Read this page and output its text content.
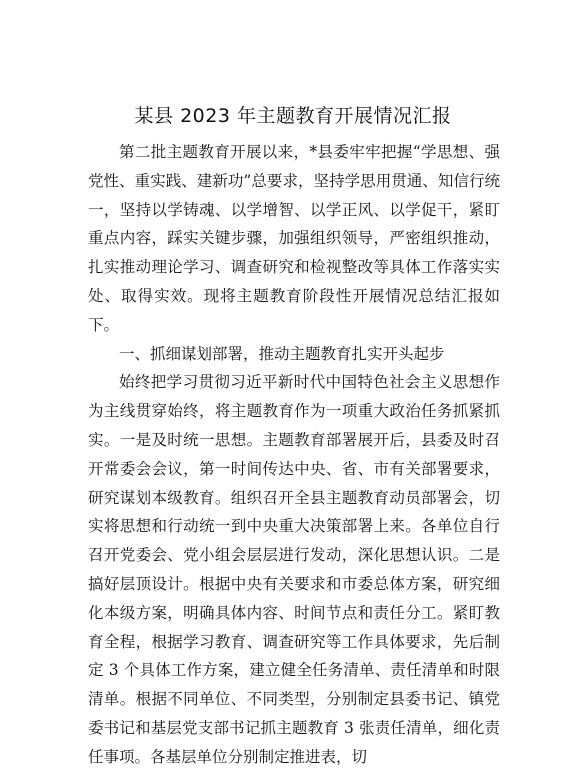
某县 2023 年主题教育开展情况汇报

第二批主题教育开展以来，*县委牢牢把握“学思想、强党性、重实践、建新功”总要求，坚持学思用贯通、知信行统一，坚持以学铸魂、以学增智、以学正风、以学促干，紧盯重点内容，踩实关键步骤，加强组织领导，严密组织推动，扎实推动理论学习、调查研究和检视整改等具体工作落实实处、取得实效。现将主题教育阶段性开展情况总结汇报如下。

一、抓细谋划部署，推动主题教育扎实开头起步

始终把学习贯彻习近平新时代中国特色社会主义思想作为主线贯穿始终，将主题教育作为一项重大政治任务抓紧抓实。一是及时统一思想。主题教育部署展开后，县委及时召开常委会会议，第一时间传达中央、省、市有关部署要求，研究谋划本级教育。组织召开全县主题教育动员部署会，切实将思想和行动统一到中央重大决策部署上来。各单位自行召开党委会、党小组会层层进行发动，深化思想认识。二是搞好层顶设计。根据中央有关要求和市委总体方案，研究细化本级方案，明确具体内容、时间节点和责任分工。紧盯教育全程，根据学习教育、调查研究等工作具体要求，先后制定 3 个具体工作方案，建立健全任务清单、责任清单和时限清单。根据不同单位、不同类型，分别制定县委书记、镇党委书记和基层党支部书记抓主题教育 3 张责任清单，细化责任事项。各基层单位分别制定推进表，切
